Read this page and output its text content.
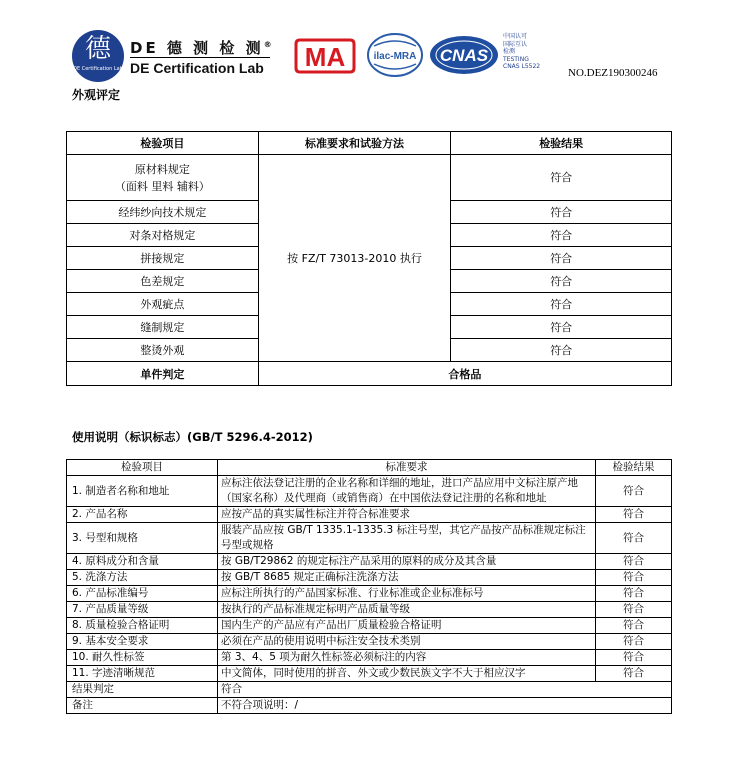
德
DE Certification Lab
DE 德 测 检 测®
DE Certification Lab MA	ilac-MRA CNAS
中国认可
国际互认
检测
TESTING
CNAS L5522
NO.DEZ190300246
外观评定
检验项目	标准要求和试验方法	检验结果

原材料规定
（面料 里料 辅料）	按 FZ/T 73013-2010 执行	符合
经纬纱向技术规定		符合
对条对格规定		符合
拼接规定		符合
色差规定		符合
外观疵点		符合
缝制规定		符合
整烫外观		符合
单件判定	合格品	
使用说明（标识标志）(GB/T 5296.4-2012)
检验项目	标准要求	检验结果
1. 制造者名称和地址	应标注依法登记注册的企业名称和详细的地址，进口产品应用中文标注原产地（国家名称）及代理商（或销售商）在中国依法登记注册的名称和地址	符合
2. 产品名称	应按产品的真实属性标注并符合标准要求	符合
3. 号型和规格	服装产品应按 GB/T 1335.1-1335.3 标注号型，其它产品按产品标准规定标注号型或规格	符合
4. 原料成分和含量	按 GB/T29862 的规定标注产品采用的原料的成分及其含量	符合
5. 洗涤方法	按 GB/T 8685 规定正确标注洗涤方法	符合
6. 产品标准编号	应标注所执行的产品国家标准、行业标准或企业标准标号	符合
7. 产品质量等级	按执行的产品标准规定标明产品质量等级	符合
8. 质量检验合格证明	国内生产的产品应有产品出厂质量检验合格证明	符合
9. 基本安全要求	必须在产品的使用说明中标注安全技术类别	符合
10. 耐久性标签	第 3、4、5 项为耐久性标签必须标注的内容	符合
11. 字迹清晰规范	中文简体，同时使用的拼音、外文或少数民族文字不大于相应汉字	符合
结果判定	符合	
备注	不符合项说明：/	
